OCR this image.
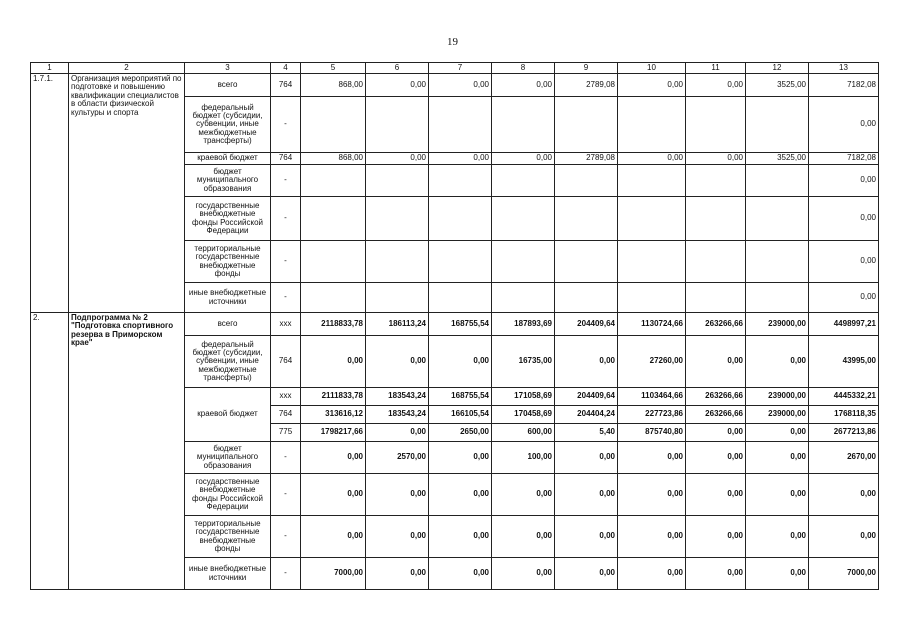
19
1	2	3	4	5	6	7	8	9	10	11	12	13
1.7.1.	Организация мероприятий по подготовке и повышению квалификации специалистов в области физической культуры и спорта	всего	764	868,00	0,00	0,00	0,00	2789,08	0,00	0,00	3525,00	7182,08
		федеральный бюджет (субсидии, субвенции, иные межбюджетные трансферты)	-									0,00
		краевой бюджет	764	868,00	0,00	0,00	0,00	2789,08	0,00	0,00	3525,00	7182,08
		бюджет муниципального образования	-									0,00
		государственные внебюджетные фонды Российской Федерации	-									0,00
		территориальные государственные внебюджетные фонды	-									0,00
		иные внебюджетные источники	-									0,00
2.	Подпрограмма № 2 "Подготовка спортивного резерва в Приморском крае"	всего	ххх	2118833,78	186113,24	168755,54	187893,69	204409,64	1130724,66	263266,66	239000,00	4498997,21
		федеральный бюджет (субсидии, субвенции, иные межбюджетные трансферты)	764	0,00	0,00	0,00	16735,00	0,00	27260,00	0,00	0,00	43995,00
		краевой бюджет	ххх	2111833,78	183543,24	168755,54	171058,69	204409,64	1103464,66	263266,66	239000,00	4445332,21
			764	313616,12	183543,24	166105,54	170458,69	204404,24	227723,86	263266,66	239000,00	1768118,35
			775	1798217,66	0,00	2650,00	600,00	5,40	875740,80	0,00	0,00	2677213,86
		бюджет муниципального образования	-	0,00	2570,00	0,00	100,00	0,00	0,00	0,00	0,00	2670,00
		государственные внебюджетные фонды Российской Федерации	-	0,00	0,00	0,00	0,00	0,00	0,00	0,00	0,00	0,00
		территориальные государственные внебюджетные фонды	-	0,00	0,00	0,00	0,00	0,00	0,00	0,00	0,00	0,00
		иные внебюджетные источники	-	7000,00	0,00	0,00	0,00	0,00	0,00	0,00	0,00	7000,00
